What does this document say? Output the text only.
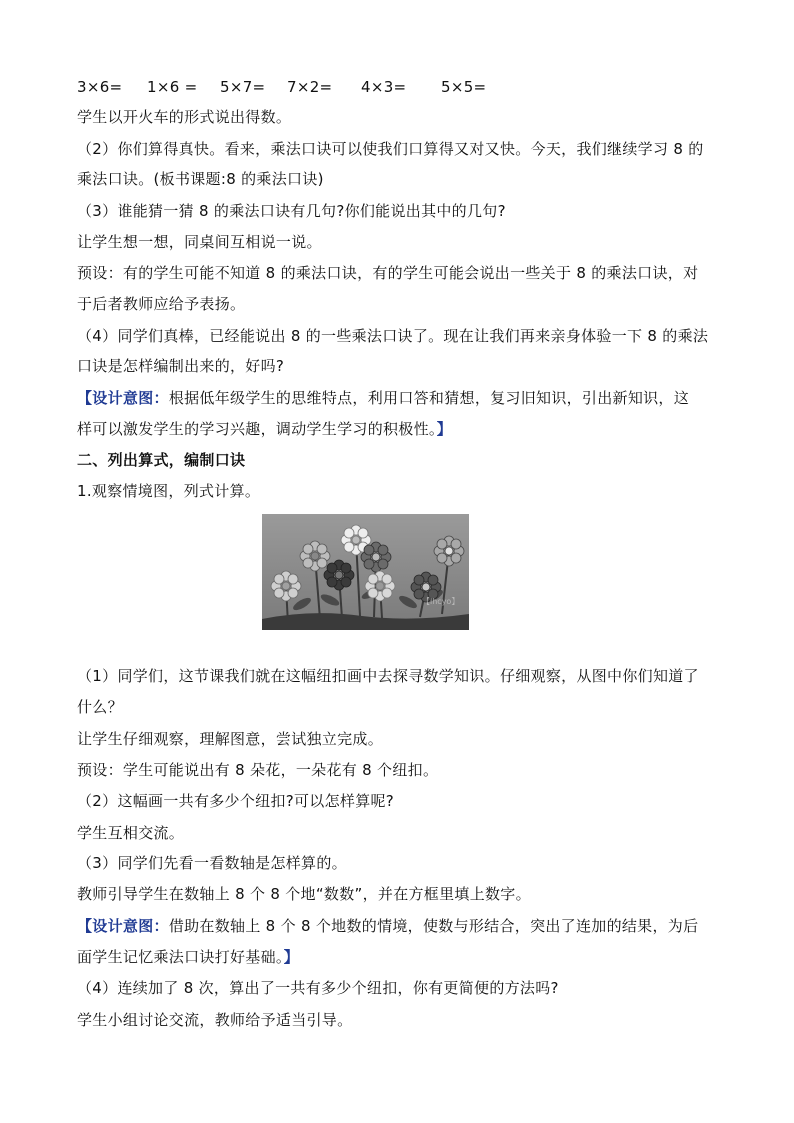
3×6=	1×6 =	5×7=	7×2=	4×3=	5×5=
学生以开火车的形式说出得数。
（2）你们算得真快。看来，乘法口诀可以使我们口算得又对又快。今天，我们继续学习 8 的
乘法口诀。(板书课题:8 的乘法口诀)
（3）谁能猜一猜 8 的乘法口诀有几句?你们能说出其中的几句?
让学生想一想，同桌间互相说一说。
预设：有的学生可能不知道 8 的乘法口诀，有的学生可能会说出一些关于 8 的乘法口诀，对
于后者教师应给予表扬。
（4）同学们真棒，已经能说出 8 的一些乘法口诀了。现在让我们再来亲身体验一下 8 的乘法
口诀是怎样编制出来的，好吗?
【设计意图：根据低年级学生的思维特点，利用口答和猜想，复习旧知识，引出新知识，这
样可以激发学生的学习兴趣，调动学生学习的积极性。】
二、列出算式，编制口诀
1.观察情境图，列式计算。
【lhcyo】
（1）同学们，这节课我们就在这幅纽扣画中去探寻数学知识。仔细观察，从图中你们知道了
什么？
让学生仔细观察，理解图意，尝试独立完成。
预设：学生可能说出有 8 朵花，一朵花有 8 个纽扣。
（2）这幅画一共有多少个纽扣?可以怎样算呢?
学生互相交流。
（3）同学们先看一看数轴是怎样算的。
教师引导学生在数轴上 8 个 8 个地“数数”，并在方框里填上数字。
【设计意图：借助在数轴上 8 个 8 个地数的情境，使数与形结合，突出了连加的结果，为后
面学生记忆乘法口诀打好基础。】
（4）连续加了 8 次，算出了一共有多少个纽扣，你有更简便的方法吗?
学生小组讨论交流，教师给予适当引导。
